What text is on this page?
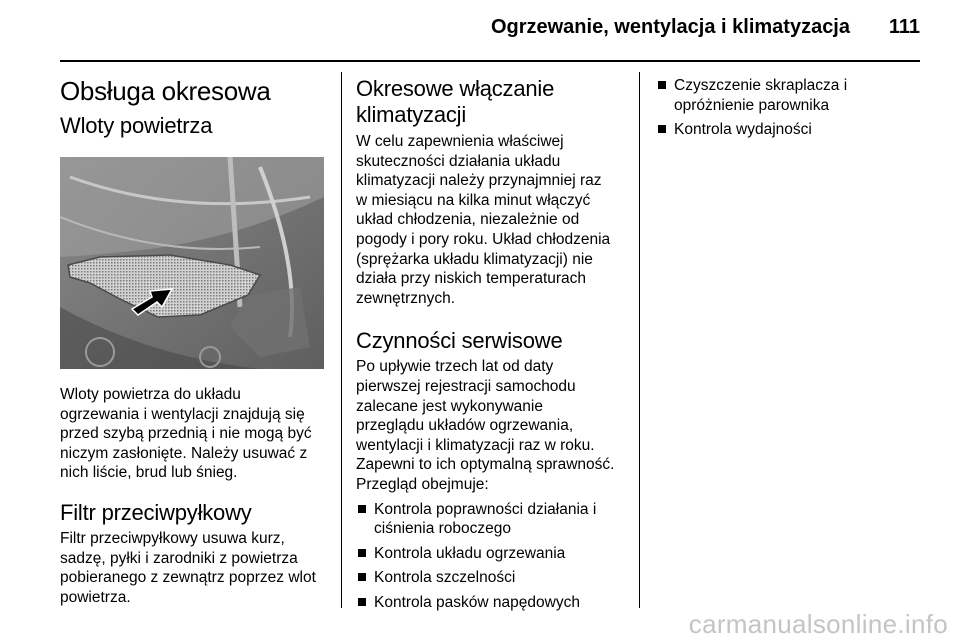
Ogrzewanie, wentylacja i klimatyzacja 111
Obsługa okresowa
Wloty powietrza

Wloty powietrza do układu
ogrzewania i wentylacji znajdują się
przed szybą przednią i nie mogą być
niczym zasłonięte. Należy usuwać z
nich liście, brud lub śnieg.

Filtr przeciwpyłkowy

Filtr przeciwpyłkowy usuwa kurz,
sadzę, pyłki i zarodniki z powietrza
pobieranego z zewnątrz poprzez wlot
powietrza.

Okresowe włączanie
klimatyzacji

W celu zapewnienia właściwej
skuteczności działania układu
klimatyzacji należy przynajmniej raz
w miesiącu na kilka minut włączyć
układ chłodzenia, niezależnie od
pogody i pory roku. Układ chłodzenia
(sprężarka układu klimatyzacji) nie
działa przy niskich temperaturach
zewnętrznych.

Czynności serwisowe

Po upływie trzech lat od daty
pierwszej rejestracji samochodu
zalecane jest wykonywanie
przeglądu układów ogrzewania,
wentylacji i klimatyzacji raz w roku.
Zapewni to ich optymalną sprawność.
Przegląd obejmuje:

Kontrola poprawności działania i
ciśnienia roboczego
Kontrola układu ogrzewania
Kontrola szczelności
Kontrola pasków napędowych
Czyszczenie skraplacza i
opróżnienie parownika
Kontrola wydajności
carmanualsonline.info
